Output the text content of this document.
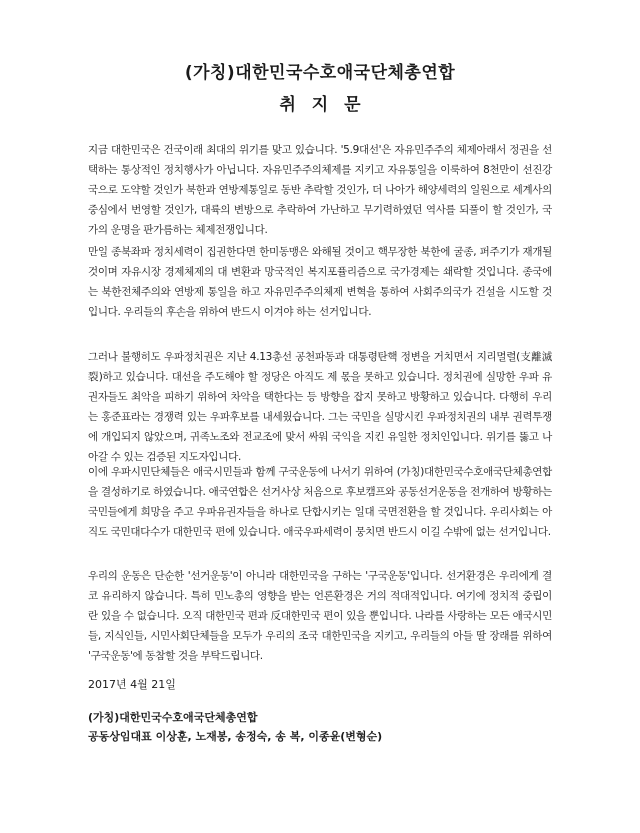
(가칭)대한민국수호애국단체총연합
취 지 문
지금 대한민국은 건국이래 최대의 위기를 맞고 있습니다. '5.9대선'은 자유민주주의 체제아래서 정권을 선택하는 통상적인 정치행사가 아닙니다. 자유민주주의체제를 지키고 자유통일을 이룩하여 8천만이 선진강국으로 도약할 것인가 북한과 연방제통일로 동반 추락할 것인가, 더 나아가 해양세력의 일원으로 세계사의 중심에서 번영할 것인가, 대륙의 변방으로 추락하여 가난하고 무기력하였던 역사를 되풀이 할 것인가, 국가의 운명을 판가름하는 체제전쟁입니다.
만일 종북좌파 정치세력이 집권한다면 한미동맹은 와해될 것이고 핵무장한 북한에 굴종, 퍼주기가 재개될 것이며 자유시장 경제체제의 대 변환과 망국적인 복지포퓰리즘으로 국가경제는 쇄락할 것입니다. 종국에는 북한전체주의와 연방제 통일을 하고 자유민주주의체제 변혁을 통하여 사회주의국가 건설을 시도할 것입니다. 우리들의 후손을 위하여 반드시 이겨야 하는 선거입니다.
그러나 불행히도 우파정치권은 지난 4.13총선 공천파동과 대통령탄핵 정변을 거치면서 지리멸렬(支離滅裂)하고 있습니다. 대선을 주도해야 할 정당은 아직도 제 몫을 못하고 있습니다. 정치권에 실망한 우파 유권자들도 최악을 피하기 위하여 차악을 택한다는 등 방향을 잡지 못하고 방황하고 있습니다. 다행히 우리는 홍준표라는 경쟁력 있는 우파후보를 내세웠습니다. 그는 국민을 실망시킨 우파정치권의 내부 권력투쟁에 개입되지 않았으며, 귀족노조와 전교조에 맞서 싸워 국익을 지킨 유일한 정치인입니다. 위기를 뚫고 나아갈 수 있는 검증된 지도자입니다.
이에 우파시민단체들은 애국시민들과 함께 구국운동에 나서기 위하여 (가칭)대한민국수호애국단체총연합을 결성하기로 하였습니다. 애국연합은 선거사상 처음으로 후보캠프와 공동선거운동을 전개하여 방황하는 국민들에게 희망을 주고 우파유권자들을 하나로 단합시키는 일대 국면전환을 할 것입니다. 우리사회는 아직도 국민대다수가 대한민국 편에 있습니다. 애국우파세력이 뭉치면 반드시 이길 수밖에 없는 선거입니다.
우리의 운동은 단순한 '선거운동'이 아니라 대한민국을 구하는 '구국운동'입니다. 선거환경은 우리에게 결코 유리하지 않습니다. 특히 민노총의 영향을 받는 언론환경은 거의 적대적입니다. 여기에 정치적 중립이란 있을 수 없습니다. 오직 대한민국 편과 反대한민국 편이 있을 뿐입니다. 나라를 사랑하는 모든 애국시민들, 지식인들, 시민사회단체들을 모두가 우리의 조국 대한민국을 지키고, 우리들의 아들 딸 장래를 위하여 '구국운동'에 동참할 것을 부탁드립니다.
2017년 4월 21일
(가칭)대한민국수호애국단체총연합
공동상임대표 이상훈, 노재봉, 송정숙, 송 복, 이종윤(변형순)
